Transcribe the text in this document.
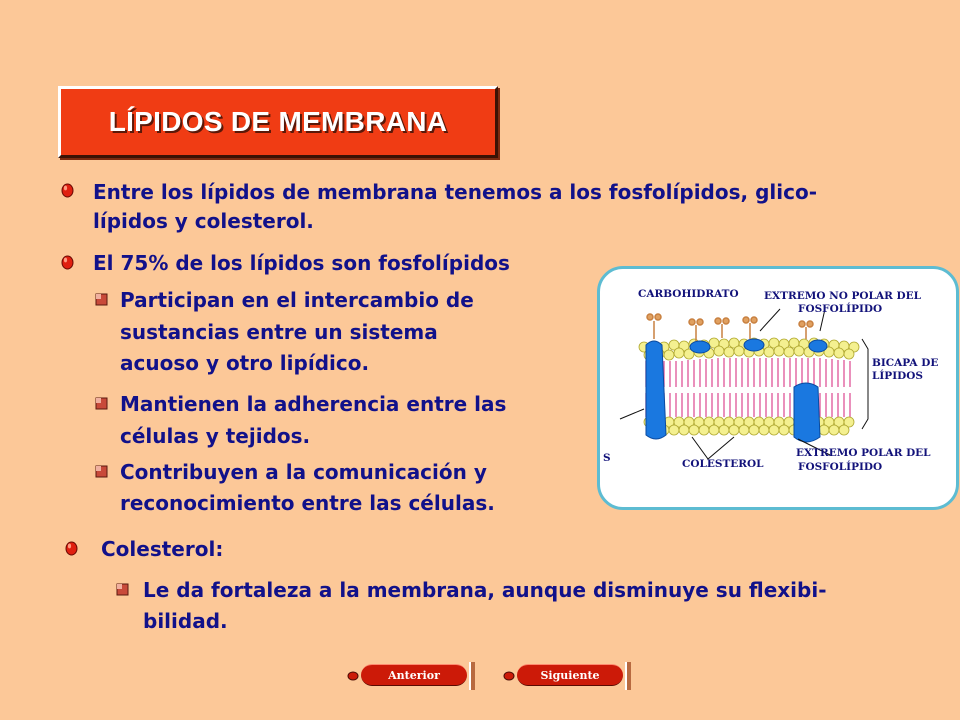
LÍPIDOS DE MEMBRANA
Entre los lípidos de membrana tenemos a los fosfolípidos, glico-
lípidos y colesterol.
El 75% de los lípidos son fosfolípidos
Participan en el intercambio de
sustancias entre un sistema
acuoso y otro lipídico.
Mantienen la adherencia entre las
células y tejidos.
Contribuyen a la comunicación y
reconocimiento entre las células.
Colesterol:
Le da fortaleza a la membrana, aunque disminuye su flexibi-
bilidad.
CARBOHIDRATO EXTREMO NO POLAR DEL
FOSFOLÍPIDO
BICAPA DE
LÍPIDOS
S	COLESTEROL
EXTREMO POLAR DEL
FOSFOLÍPIDO
Anterior	Siguiente
